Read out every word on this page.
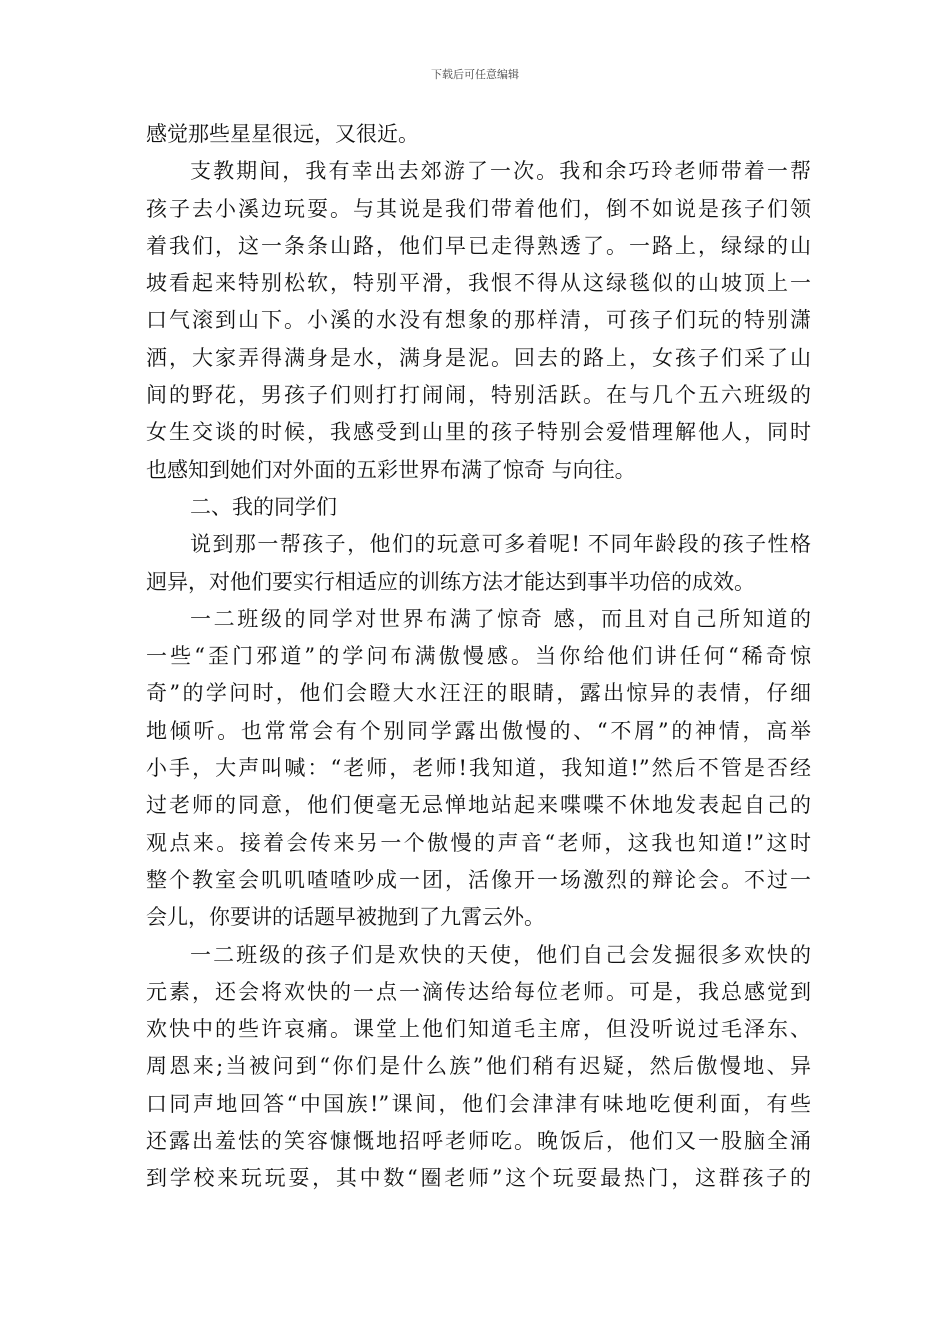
下载后可任意编辑
感觉那些星星很远，又很近。
支教期间，我有幸出去郊游了一次。我和余巧玲老师带着一帮
孩子去小溪边玩耍。与其说是我们带着他们，倒不如说是孩子们领
着我们，这一条条山路，他们早已走得熟透了。一路上，绿绿的山
坡看起来特别松软，特别平滑，我恨不得从这绿毯似的山坡顶上一
口气滚到山下。小溪的水没有想象的那样清，可孩子们玩的特别潇
洒，大家弄得满身是水，满身是泥。回去的路上，女孩子们采了山
间的野花，男孩子们则打打闹闹，特别活跃。在与几个五六班级的
女生交谈的时候，我感受到山里的孩子特别会爱惜理解他人，同时
也感知到她们对外面的五彩世界布满了惊奇 与向往。
二、我的同学们
说到那一帮孩子，他们的玩意可多着呢! 不同年龄段的孩子性格
迥异，对他们要实行相适应的训练方法才能达到事半功倍的成效。
一二班级的同学对世界布满了惊奇 感，而且对自己所知道的
一些“歪门邪道”的学问布满傲慢感。当你给他们讲任何“稀奇惊
奇”的学问时，他们会瞪大水汪汪的眼睛，露出惊异的表情，仔细
地倾听。也常常会有个别同学露出傲慢的、“不屑”的神情，高举
小手，大声叫喊：“老师，老师!我知道，我知道!”然后不管是否经
过老师的同意，他们便毫无忌惮地站起来喋喋不休地发表起自己的
观点来。接着会传来另一个傲慢的声音“老师，这我也知道!”这时
整个教室会叽叽喳喳吵成一团，活像开一场激烈的辩论会。不过一
会儿，你要讲的话题早被抛到了九霄云外。
一二班级的孩子们是欢快的天使，他们自己会发掘很多欢快的
元素，还会将欢快的一点一滴传达给每位老师。可是，我总感觉到
欢快中的些许哀痛。课堂上他们知道毛主席，但没听说过毛泽东、
周恩来;当被问到“你们是什么族”他们稍有迟疑，然后傲慢地、异
口同声地回答“中国族!”课间，他们会津津有味地吃便利面，有些
还露出羞怯的笑容慷慨地招呼老师吃。晚饭后，他们又一股脑全涌
到学校来玩玩耍，其中数“圈老师”这个玩耍最热门，这群孩子的
